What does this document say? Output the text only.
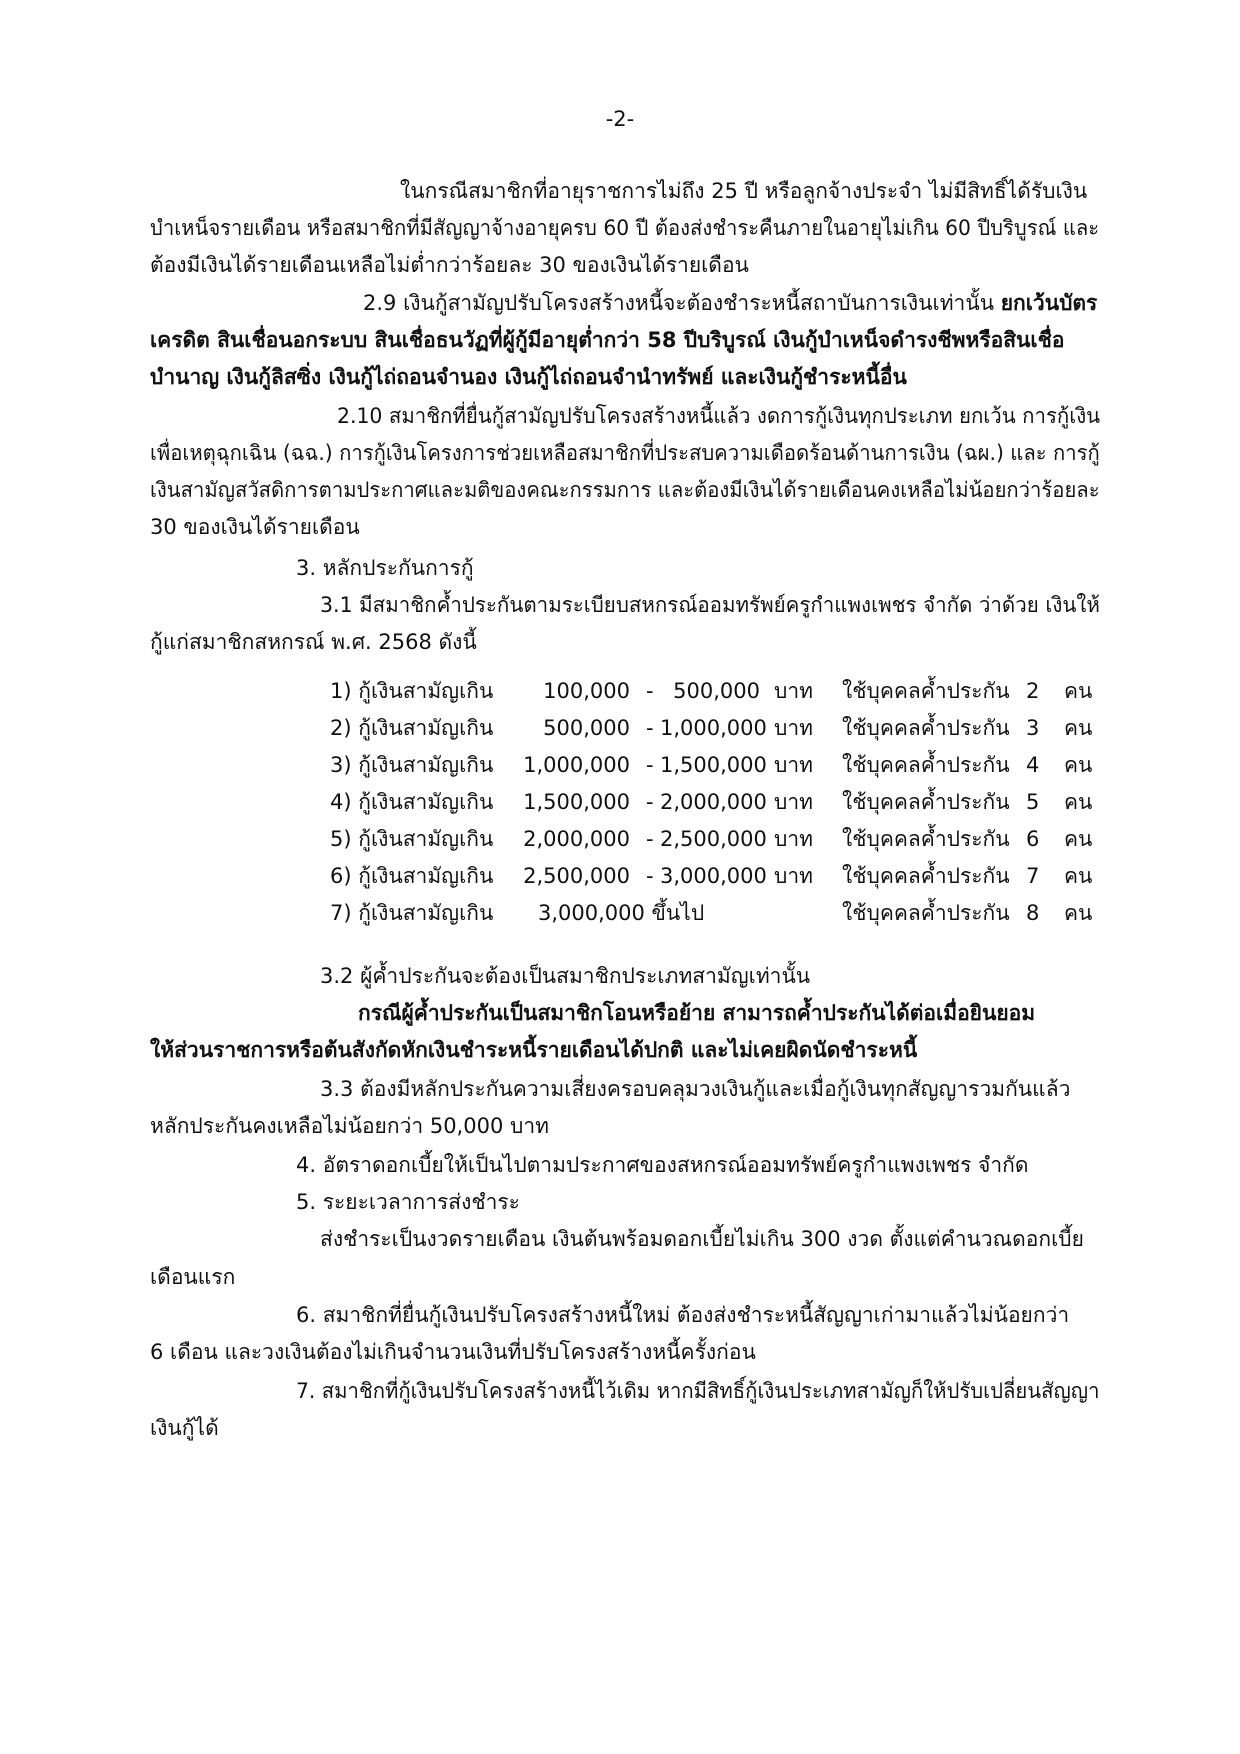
-2-
ในกรณีสมาชิกที่อายุราชการไม่ถึง 25 ปี หรือลูกจ้างประจำ ไม่มีสิทธิ์ได้รับเงิน
บำเหน็จรายเดือน หรือสมาชิกที่มีสัญญาจ้างอายุครบ 60 ปี ต้องส่งชำระคืนภายในอายุไม่เกิน 60 ปีบริบูรณ์ และ
ต้องมีเงินได้รายเดือนเหลือไม่ต่ำกว่าร้อยละ 30 ของเงินได้รายเดือน
2.9 เงินกู้สามัญปรับโครงสร้างหนี้จะต้องชำระหนี้สถาบันการเงินเท่านั้น ยกเว้นบัตร
เครดิต สินเชื่อนอกระบบ สินเชื่อธนวัฏที่ผู้กู้มีอายุต่ำกว่า 58 ปีบริบูรณ์ เงินกู้บำเหน็จดำรงชีพหรือสินเชื่อ
บำนาญ เงินกู้ลิสซิ่ง เงินกู้ไถ่ถอนจำนอง เงินกู้ไถ่ถอนจำนำทรัพย์ และเงินกู้ชำระหนี้อื่น
2.10 สมาชิกที่ยื่นกู้สามัญปรับโครงสร้างหนี้แล้ว งดการกู้เงินทุกประเภท ยกเว้น การกู้เงิน
เพื่อเหตุฉุกเฉิน (ฉฉ.) การกู้เงินโครงการช่วยเหลือสมาชิกที่ประสบความเดือดร้อนด้านการเงิน (ฉผ.) และ การกู้
เงินสามัญสวัสดิการตามประกาศและมติของคณะกรรมการ และต้องมีเงินได้รายเดือนคงเหลือไม่น้อยกว่าร้อยละ
30 ของเงินได้รายเดือน
3. หลักประกันการกู้
3.1 มีสมาชิกค้ำประกันตามระเบียบสหกรณ์ออมทรัพย์ครูกำแพงเพชร จำกัด ว่าด้วย เงินให้
กู้แก่สมาชิกสหกรณ์ พ.ศ. 2568 ดังนี้
1) กู้เงินสามัญเกิน	100,000 - 500,000 บาท ใช้บุคคลค้ำประกัน 2 คน
2) กู้เงินสามัญเกิน	500,000 - 1,000,000 บาท ใช้บุคคลค้ำประกัน 3 คน
3) กู้เงินสามัญเกิน	1,000,000 - 1,500,000 บาท ใช้บุคคลค้ำประกัน 4 คน
4) กู้เงินสามัญเกิน	1,500,000 - 2,000,000 บาท ใช้บุคคลค้ำประกัน 5 คน
5) กู้เงินสามัญเกิน	2,000,000 - 2,500,000 บาท ใช้บุคคลค้ำประกัน 6 คน
6) กู้เงินสามัญเกิน	2,500,000 - 3,000,000 บาท ใช้บุคคลค้ำประกัน 7 คน
7) กู้เงินสามัญเกิน 3,000,000 ขึ้นไป	ใช้บุคคลค้ำประกัน 8 คน
3.2 ผู้ค้ำประกันจะต้องเป็นสมาชิกประเภทสามัญเท่านั้น
กรณีผู้ค้ำประกันเป็นสมาชิกโอนหรือย้าย สามารถค้ำประกันได้ต่อเมื่อยินยอม
ให้ส่วนราชการหรือต้นสังกัดหักเงินชำระหนี้รายเดือนได้ปกติ และไม่เคยผิดนัดชำระหนี้
3.3 ต้องมีหลักประกันความเสี่ยงครอบคลุมวงเงินกู้และเมื่อกู้เงินทุกสัญญารวมกันแล้ว
หลักประกันคงเหลือไม่น้อยกว่า 50,000 บาท
4. อัตราดอกเบี้ยให้เป็นไปตามประกาศของสหกรณ์ออมทรัพย์ครูกำแพงเพชร จำกัด
5. ระยะเวลาการส่งชำระ
ส่งชำระเป็นงวดรายเดือน เงินต้นพร้อมดอกเบี้ยไม่เกิน 300 งวด ตั้งแต่คำนวณดอกเบี้ย
เดือนแรก
6. สมาชิกที่ยื่นกู้เงินปรับโครงสร้างหนี้ใหม่ ต้องส่งชำระหนี้สัญญาเก่ามาแล้วไม่น้อยกว่า
6 เดือน และวงเงินต้องไม่เกินจำนวนเงินที่ปรับโครงสร้างหนี้ครั้งก่อน
7. สมาชิกที่กู้เงินปรับโครงสร้างหนี้ไว้เดิม หากมีสิทธิ์กู้เงินประเภทสามัญก็ให้ปรับเปลี่ยนสัญญา
เงินกู้ได้
